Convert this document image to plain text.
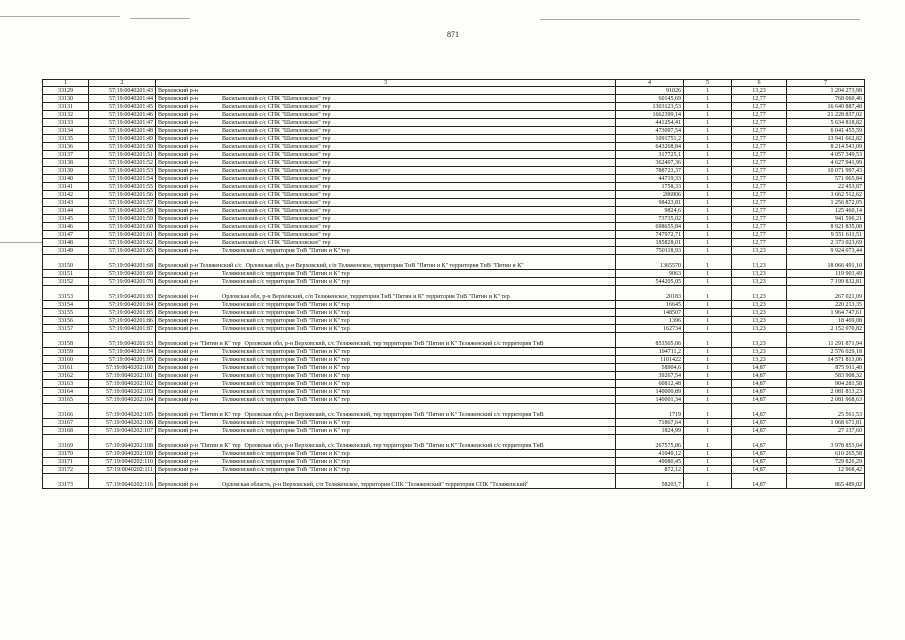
871
1	2	3	4	5	6	7
33129	57:19:0040201:43	Верховский р-н	91026	1	13,23	1 204 273,98
33130	57:19:0040201:44	Верховский р-н Васильевский с/с СПК "Шатиловское" тер	60145,69	1	12,77	768 060,46
33131	57:19:0040201:45	Верховский р-н Васильевский с/с СПК "Шатиловское" тер	1303123,53	1	12,77	16 640 887,48
33132	57:19:0040201:46	Верховский р-н Васильевский с/с СПК "Шатиловское" тер	1662399,14	1	12,77	21 228 837,02
33133	57:19:0040201:47	Верховский р-н Васильевский с/с СПК "Шатиловское" тер	441254,41	1	12,77	5 634 818,82
33134	57:19:0040201:48	Верховский р-н Васильевский с/с СПК "Шатиловское" тер	473097,54	1	12,77	6 041 455,59
33135	57:19:0040201:49	Верховский р-н Васильевский с/с СПК "Шатиловское" тер	1091751,2	1	12,77	13 941 662,82
33136	57:19:0040201:50	Верховский р-н Васильевский с/с СПК "Шатиловское" тер	643268,84	1	12,77	8 214 543,09
33137	57:19:0040201:51	Верховский р-н Васильевский с/с СПК "Шатиловское" тер	317725,1	1	12,77	4 057 349,53
33138	57:19:0040201:52	Верховский р-н Васильевский с/с СПК "Шатиловское" тер	362407,36	1	12,77	4 627 941,99
33139	57:19:0040201:53	Верховский р-н Васильевский с/с СПК "Шатиловское" тер	788723,37	1	12,77	10 071 997,43
33140	57:19:0040201:54	Верховский р-н Васильевский с/с СПК "Шатиловское" тер	44719,33	1	12,77	571 065,84
33141	57:19:0040201:55	Верховский р-н Васильевский с/с СПК "Шатиловское" тер	1758,33	1	12,77	22 453,87
33142	57:19:0040201:56	Верховский р-н Васильевский с/с СПК "Шатиловское" тер	286806	1	12,77	3 662 512,62
33143	57:19:0040201:57	Верховский р-н Васильевский с/с СПК "Шатиловское" тер	98423,81	1	12,77	1 256 872,05
33144	57:19:0040201:58	Верховский р-н Васильевский с/с СПК "Шатиловское" тер	9824,6	1	12,77	125 460,14
33145	57:19:0040201:59	Верховский р-н Васильевский с/с СПК "Шатиловское" тер	73735,02	1	12,77	941 596,21
33146	57:19:0040201:60	Верховский р-н Васильевский с/с СПК "Шатиловское" тер	698655,84	1	12,77	8 921 835,08
33147	57:19:0040201:61	Верховский р-н Васильевский с/с СПК "Шатиловское" тер	747972,71	1	12,77	9 551 611,51
33148	57:19:0040201:62	Верховский р-н Васильевский с/с СПК "Шатиловское" тер	185828,01	1	12,77	2 373 023,69
33149	57:19:0040201:65	Верховский р-н Теляженский с/с территория ТнВ "Пятин и К" тер	750118,93	1	13,23	9 924 073,44
33150	57:19:0040201:68	Верховский р-н Теляженский с/с Орловская обл, р-н Верховский, с/п Теляженское, территория ТнВ "Пятин и К" территория ТнВ "Пятин и К"	1365570	1	13,23	18 066 491,10
33151	57:19:0040201:69	Верховский р-н Теляженский с/с территория ТнВ "Пятин и К" тер	9063	1	13,23	119 903,49
33152	57:19:0040201:70	Верховский р-н Теляженский с/с территория ТнВ "Пятин и К" тер	544205,05	1	13,23	7 199 832,81
33153	57:19:0040201:83	Верховский р-н Орловская обл, р-н Верховский, с/п Теляженское, территория ТнВ "Пятин и К" территория ТнВ "Пятин и К" тер	20183	1	13,23	267 021,09
33154	57:19:0040201:84	Верховский р-н Теляженский с/с территория ТнВ "Пятин и К" тер	16645	1	13,23	220 213,35
33155	57:19:0040201:85	Верховский р-н Теляженский с/с территория ТнВ "Пятин и К" тер	148507	1	13,23	1 964 747,61
33156	57:19:0040201:86	Верховский р-н Теляженский с/с территория ТнВ "Пятин и К" тер	1396	1	13,23	18 469,08
33157	57:19:0040201:87	Верховский р-н Теляженский с/с территория ТнВ "Пятин и К" тер	162734	1	13,23	2 152 970,82
33158	57:19:0040201:93	Верховский р-н "Пятин и К" тер Орловская обл, р-н Верховский, с/с Теляженский, тер территория ТнВ "Пятин и К" Теляженский с/с территория ТнВ	853505,06	1	13,23	11 291 871,94
33159	57:19:0040201:94	Верховский р-н Теляженский с/с территория ТнВ "Пятин и К" тер	194711,2	1	13,23	2 576 029,18
33160	57:19:0040201:95	Верховский р-н Теляженский с/с территория ТнВ "Пятин и К" тер	1101422	1	13,23	14 571 813,06
33161	57:19:0040202:100	Верховский р-н Теляженский с/с территория ТнВ "Пятин и К" тер	58904,6	1	14,87	875 911,40
33162	57:19:0040202:101	Верховский р-н Теляженский с/с территория ТнВ "Пятин и К" тер	39267,54	1	14,87	583 908,32
33163	57:19:0040202:102	Верховский р-н Теляженский с/с территория ТнВ "Пятин и К" тер	60812,48	1	14,87	904 281,58
33164	57:19:0040202:103	Верховский р-н Теляженский с/с территория ТнВ "Пятин и К" тер	140000,89	1	14,87	2 081 813,23
33165	57:19:0040202:104	Верховский р-н Теляженский с/с территория ТнВ "Пятин и К" тер	140001,34	1	14,87	2 081 968,63
33166	57:19:0040202:105	Верховский р-н "Пятин и К" тер Орловская обл, р-н Верховский, с/с Теляженский, тер территория ТнВ "Пятин и К" Теляженский с/с территория ТнВ	1719	1	14,87	25 561,53
33167	57:19:0040202:106	Верховский р-н Теляженский с/с территория ТнВ "Пятин и К" тер	71867,64	1	14,87	1 068 671,81
33168	57:19:0040202:107	Верховский р-н Теляженский с/с территория ТнВ "Пятин и К" тер	1824,99	1	14,87	27 137,60
33169	57:19:0040202:108	Верховский р-н "Пятин и К" тер Орловская обл, р-н Верховский, с/с Теляженский, тер территория ТнВ "Пятин и К" Теляженский с/с территория ТнВ	267575,86	1	14,87	3 978 853,04
33170	57:19:0040202:109	Верховский р-н Теляженский с/с территория ТнВ "Пятин и К" тер	41040,12	1	14,87	610 265,58
33171	57:19:0040202:110	Верховский р-н Теляженский с/с территория ТнВ "Пятин и К" тер	49080,45	1	14,87	729 826,29
33172	57:19:0040202:111	Верховский р-н Теляженский с/с территория ТнВ "Пятин и К" тер	872,12	1	14,87	12 968,42
33173	57:19:0040202:116	Верховский р-н Орловская область, р-н Верховский, с/п Теляженское, территория СПК "Теляженский" территория СПК "Теляженский"	58203,7	1	14,87	865 489,02
